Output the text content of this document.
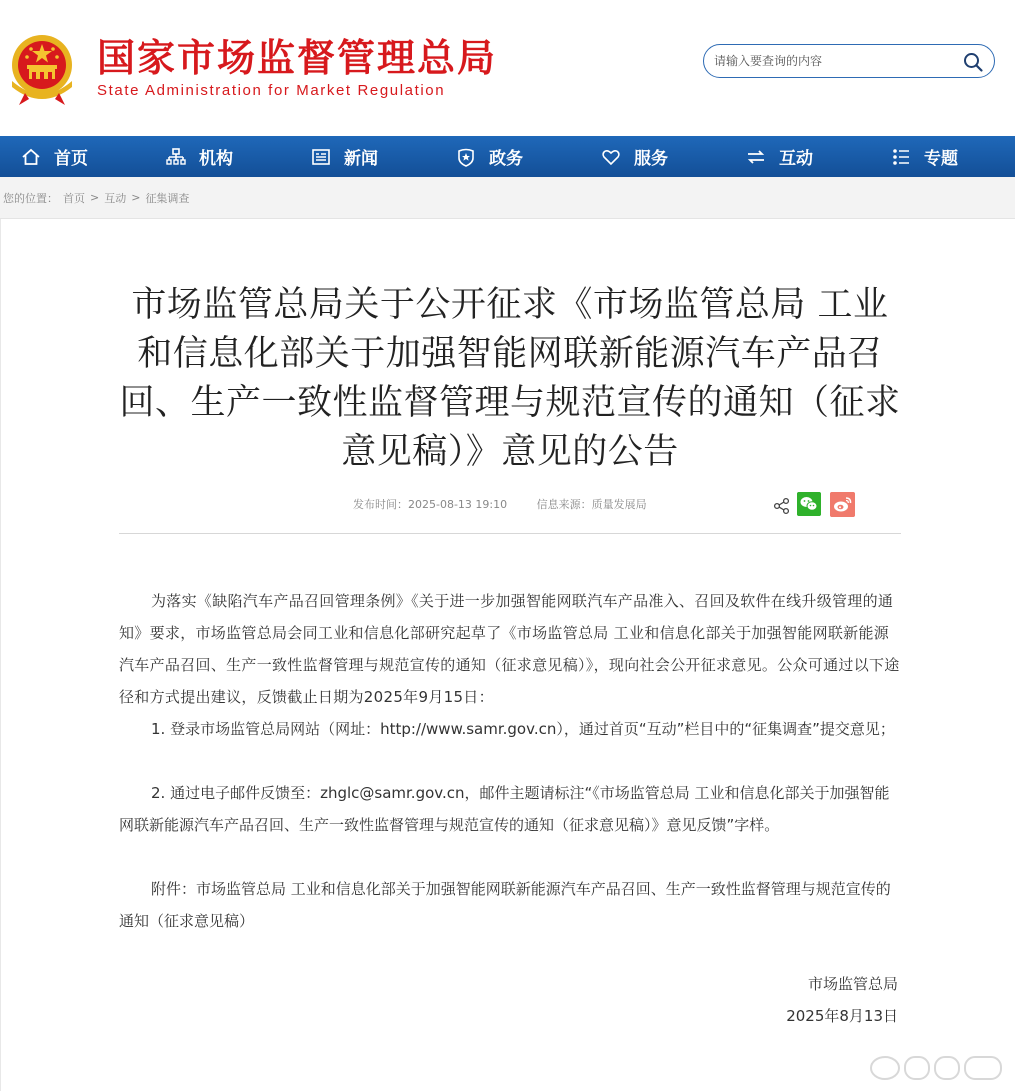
国家市场监督管理总局
State Administration for Market Regulation
请输入要查询的内容
首页	机构	新闻	政务	服务	互动	专题
您的位置： 首页 > 互动 > 征集调查
市场监管总局关于公开征求《市场监管总局 工业和信息化部关于加强智能网联新能源汽车产品召回、生产一致性监督管理与规范宣传的通知（征求意见稿）》意见的公告
发布时间：2025-08-13 19:10	信息来源：质量发展局

为落实《缺陷汽车产品召回管理条例》《关于进一步加强智能网联汽车产品准入、召回及软件在线升级管理的通知》要求，市场监管总局会同工业和信息化部研究起草了《市场监管总局 工业和信息化部关于加强智能网联新能源汽车产品召回、生产一致性监督管理与规范宣传的通知（征求意见稿）》，现向社会公开征求意见。公众可通过以下途径和方式提出建议，反馈截止日期为2025年9月15日：

1. 登录市场监管总局网站（网址：http://www.samr.gov.cn），通过首页“互动”栏目中的“征集调查”提交意见；

2. 通过电子邮件反馈至：zhglc@samr.gov.cn，邮件主题请标注“《市场监管总局 工业和信息化部关于加强智能网联新能源汽车产品召回、生产一致性监督管理与规范宣传的通知（征求意见稿）》意见反馈”字样。

附件：市场监管总局 工业和信息化部关于加强智能网联新能源汽车产品召回、生产一致性监督管理与规范宣传的通知（征求意见稿）

市场监管总局
2025年8月13日
